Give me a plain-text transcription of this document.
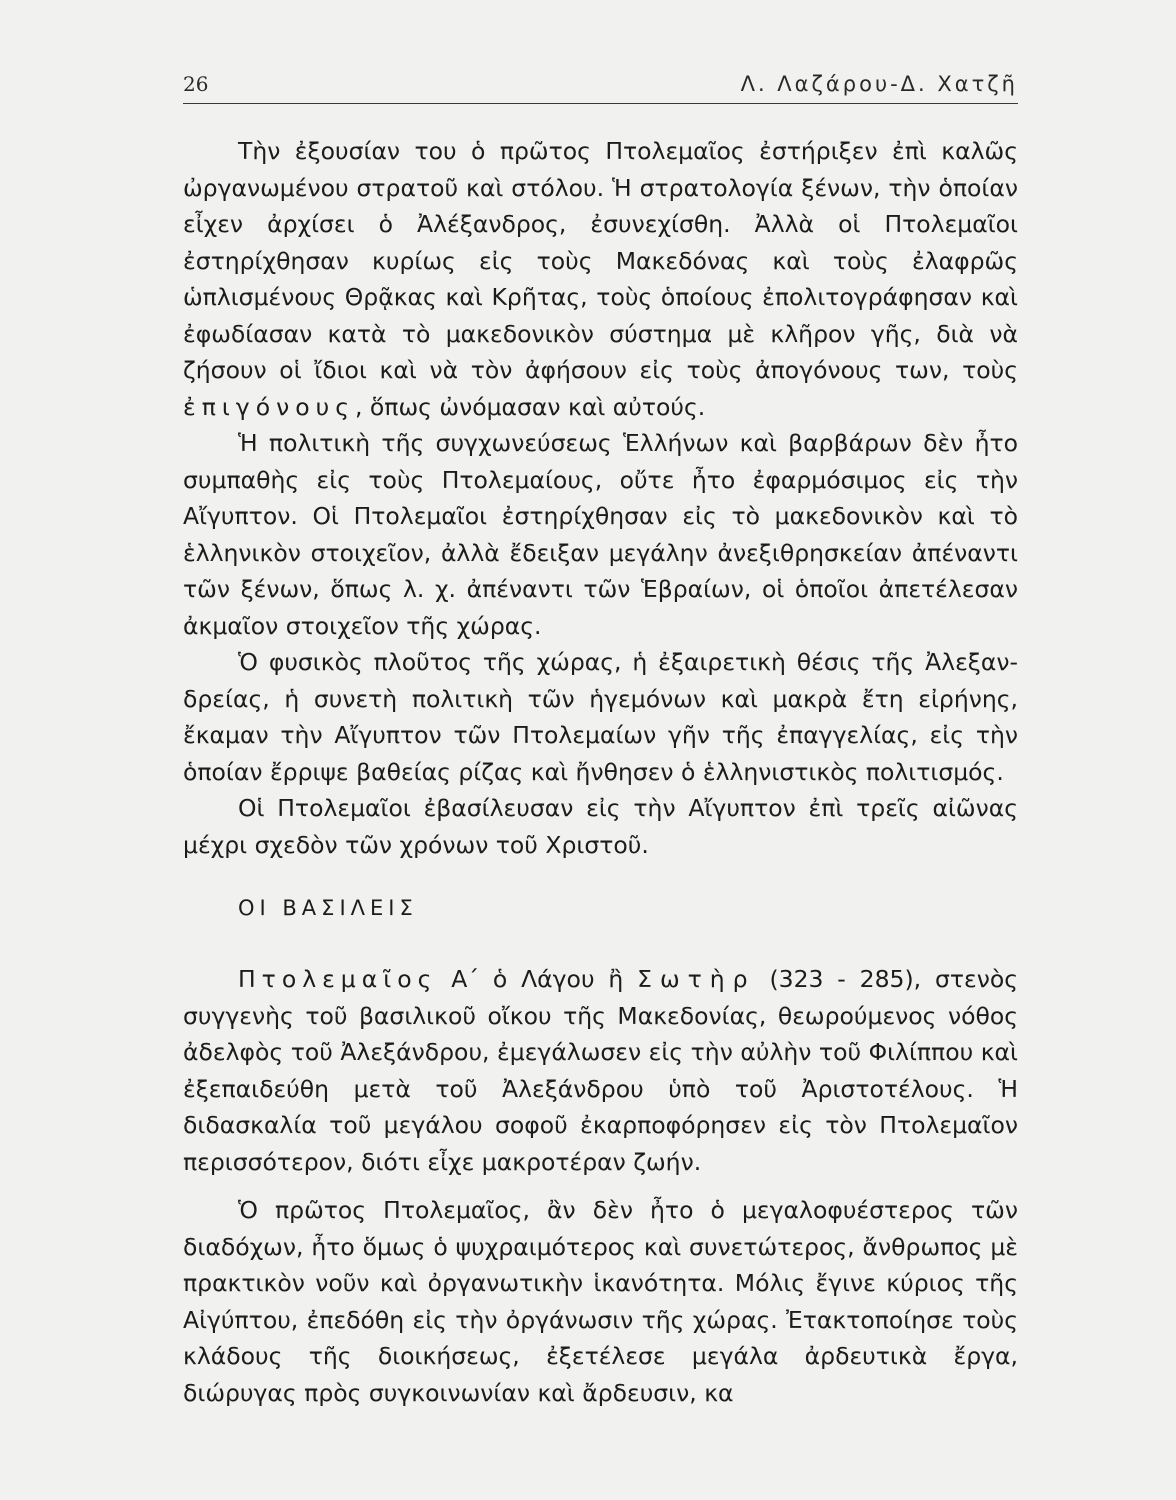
26	Λ. Λαζάρου-Δ. Χατζῆ

Τὴν ἐξουσίαν του ὁ πρῶτος Πτολεμαῖος ἐστήριξεν ἐπὶ καλῶς ὠργανωμένου στρατοῦ καὶ στόλου. Ἡ στρατολογία ξένων, τὴν ὁποίαν εἶχεν ἀρχίσει ὁ Ἀλέξανδρος, ἐσυνεχίσθη. Ἀλλὰ οἱ Πτολεμαῖοι ἐστηρίχθησαν κυρίως εἰς τοὺς Μακεδόνας καὶ τοὺς ἐλαφρῶς ὡπλισμένους Θρᾷκας καὶ Κρῆτας, τοὺς ὁποίους ἐπολιτογράφησαν καὶ ἐφωδίασαν κατὰ τὸ μακεδονικὸν σύστημα μὲ κλῆρον γῆς, διὰ νὰ ζήσουν οἱ ἴδιοι καὶ νὰ τὸν ἀφήσουν εἰς τοὺς ἀπογόνους των, τοὺς ἐπιγόνους, ὅπως ὠνόμασαν καὶ αὐτούς.

Ἡ πολιτικὴ τῆς συγχωνεύσεως Ἑλλήνων καὶ βαρβάρων δὲν ἦτο συμπαθὴς εἰς τοὺς Πτολεμαίους, οὔτε ἦτο ἐφαρμόσιμος εἰς τὴν Αἴγυπτον. Οἱ Πτολεμαῖοι ἐστηρίχθησαν εἰς τὸ μακεδονικὸν καὶ τὸ ἑλληνικὸν στοιχεῖον, ἀλλὰ ἔδειξαν μεγάλην ἀνεξιθρησκείαν ἀπέναντι τῶν ξένων, ὅπως λ. χ. ἀπέναντι τῶν Ἑβραίων, οἱ ὁποῖοι ἀπετέλεσαν ἀκμαῖον στοιχεῖον τῆς χώρας.

Ὁ φυσικὸς πλοῦτος τῆς χώρας, ἡ ἐξαιρετικὴ θέσις τῆς Ἀλεξανδρείας, ἡ συνετὴ πολιτικὴ τῶν ἡγεμόνων καὶ μακρὰ ἔτη εἰρήνης, ἔκαμαν τὴν Αἴγυπτον τῶν Πτολεμαίων γῆν τῆς ἐπαγγελίας, εἰς τὴν ὁποίαν ἔρριψε βαθείας ρίζας καὶ ἤνθησεν ὁ ἑλληνιστικὸς πολιτισμός.

Οἱ Πτολεμαῖοι ἐβασίλευσαν εἰς τὴν Αἴγυπτον ἐπὶ τρεῖς αἰῶνας μέχρι σχεδὸν τῶν χρόνων τοῦ Χριστοῦ.

ΟΙ ΒΑΣΙΛΕΙΣ

Πτολεμαῖος Α΄ ὁ Λάγου ἢ Σωτὴρ (323 - 285), στενὸς συγγενὴς τοῦ βασιλικοῦ οἴκου τῆς Μακεδονίας, θεωρούμενος νόθος ἀδελφὸς τοῦ Ἀλεξάνδρου, ἐμεγάλωσεν εἰς τὴν αὐλὴν τοῦ Φιλίππου καὶ ἐξεπαιδεύθη μετὰ τοῦ Ἀλεξάνδρου ὑπὸ τοῦ Ἀριστοτέλους. Ἡ διδασκαλία τοῦ μεγάλου σοφοῦ ἐκαρποφόρησεν εἰς τὸν Πτολεμαῖον περισσότερον, διότι εἶχε μακροτέραν ζωήν.

Ὁ πρῶτος Πτολεμαῖος, ἂν δὲν ἦτο ὁ μεγαλοφυέστερος τῶν διαδόχων, ἦτο ὅμως ὁ ψυχραιμότερος καὶ συνετώτερος, ἄνθρωπος μὲ πρακτικὸν νοῦν καὶ ὀργανωτικὴν ἱκανότητα. Μόλις ἔγινε κύριος τῆς Αἰγύπτου, ἐπεδόθη εἰς τὴν ὀργάνωσιν τῆς χώρας. Ἐτακτοποίησε τοὺς κλάδους τῆς διοικήσεως, ἐξετέλεσε μεγάλα ἀρδευτικὰ ἔργα, διώρυγας πρὸς συγκοινωνίαν καὶ ἄρδευσιν, κα
